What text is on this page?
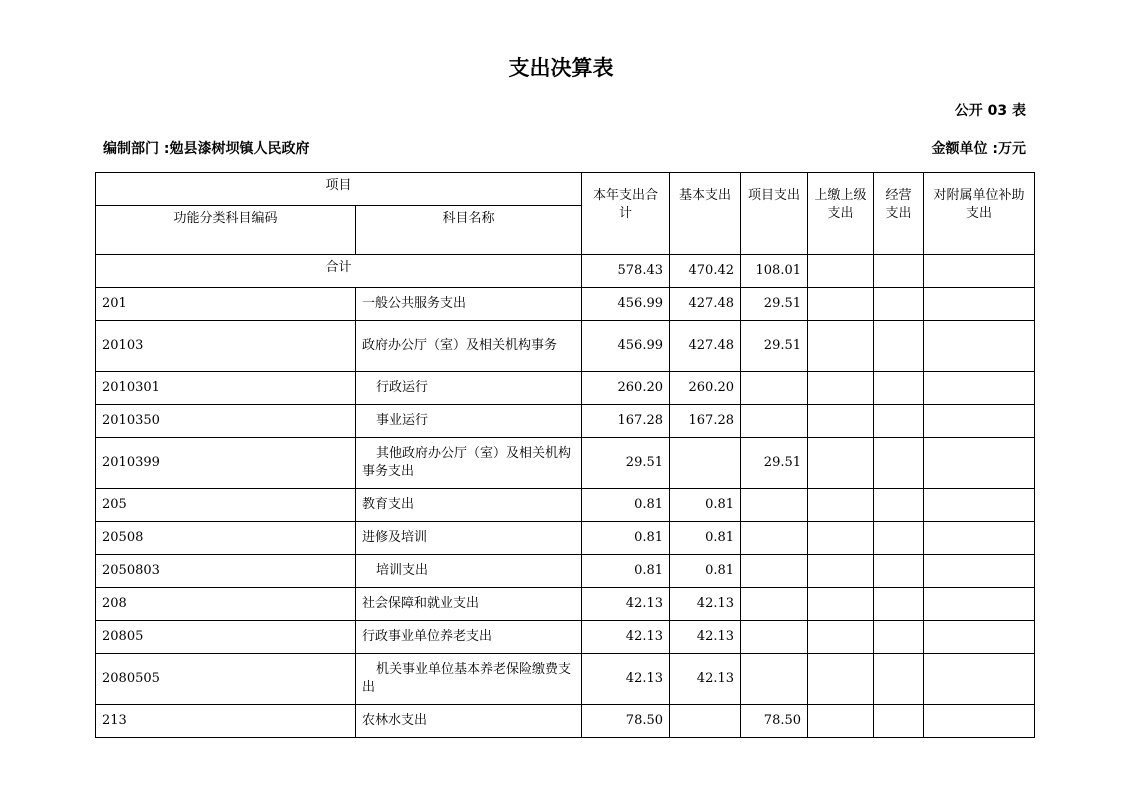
支出决算表
公开 03 表
编制部门 :勉县漆树坝镇人民政府	金额单位 :万元
项目		本年支出合计	基本支出	项目支出	上缴上级支出	经营支出	对附属单位补助支出
功能分类科目编码	科目名称						
合计		578.43	470.42	108.01			
201	一般公共服务支出	456.99	427.48	29.51			
20103	政府办公厅（室）及相关机构事务	456.99	427.48	29.51			
2010301	行政运行	260.20	260.20				
2010350	事业运行	167.28	167.28				
2010399	其他政府办公厅（室）及相关机构事务支出	29.51		29.51			
205	教育支出	0.81	0.81				
20508	进修及培训	0.81	0.81				
2050803	培训支出	0.81	0.81				
208	社会保障和就业支出	42.13	42.13				
20805	行政事业单位养老支出	42.13	42.13				
2080505	机关事业单位基本养老保险缴费支出	42.13	42.13				
213	农林水支出	78.50		78.50			
